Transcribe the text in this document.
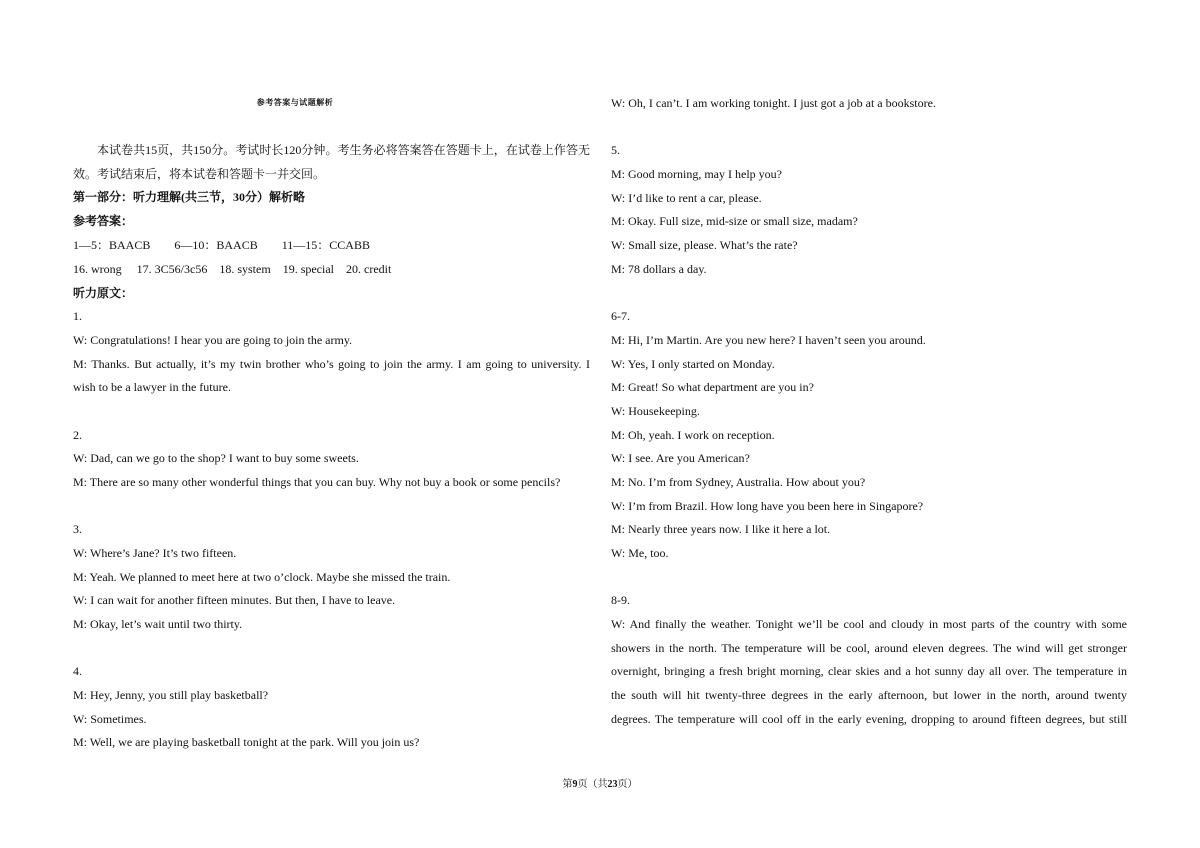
参考答案与试题解析
本试卷共15页，共150分。考试时长120分钟。考生务必将答案答在答题卡上，在试卷上作答无
效。考试结束后，将本试卷和答题卡一并交回。
第一部分：听力理解(共三节，30分）解析略
参考答案：
1—5：BAACB 6—10：BAACB 11—15：CCABB
16. wrong 17. 3C56/3c56 18. system 19. special 20. credit
听力原文：
1.
W: Congratulations! I hear you are going to join the army.
M: Thanks. But actually, it’s my twin brother who’s going to join the army. I am going to university. I
wish to be a lawyer in the future.
2.
W: Dad, can we go to the shop? I want to buy some sweets.
M: There are so many other wonderful things that you can buy. Why not buy a book or some pencils?
3.
W: Where’s Jane? It’s two fifteen.
M: Yeah. We planned to meet here at two o’clock. Maybe she missed the train.
W: I can wait for another fifteen minutes. But then, I have to leave.
M: Okay, let’s wait until two thirty.
4.
M: Hey, Jenny, you still play basketball?
W: Sometimes.
M: Well, we are playing basketball tonight at the park. Will you join us?
W: Oh, I can’t. I am working tonight. I just got a job at a bookstore.
5.
M: Good morning, may I help you?
W: I’d like to rent a car, please.
M: Okay. Full size, mid-size or small size, madam?
W: Small size, please. What’s the rate?
M: 78 dollars a day.
6-7.
M: Hi, I’m Martin. Are you new here? I haven’t seen you around.
W: Yes, I only started on Monday.
M: Great! So what department are you in?
W: Housekeeping.
M: Oh, yeah. I work on reception.
W: I see. Are you American?
M: No. I’m from Sydney, Australia. How about you?
W: I’m from Brazil. How long have you been here in Singapore?
M: Nearly three years now. I like it here a lot.
W: Me, too.
8-9.
W: And finally the weather. Tonight we’ll be cool and cloudy in most parts of the country with some
showers in the north. The temperature will be cool, around eleven degrees. The wind will get stronger
overnight, bringing a fresh bright morning, clear skies and a hot sunny day all over. The temperature in
the south will hit twenty-three degrees in the early afternoon, but lower in the north, around twenty
degrees. The temperature will cool off in the early evening, dropping to around fifteen degrees, but still
第9页（共23页）
